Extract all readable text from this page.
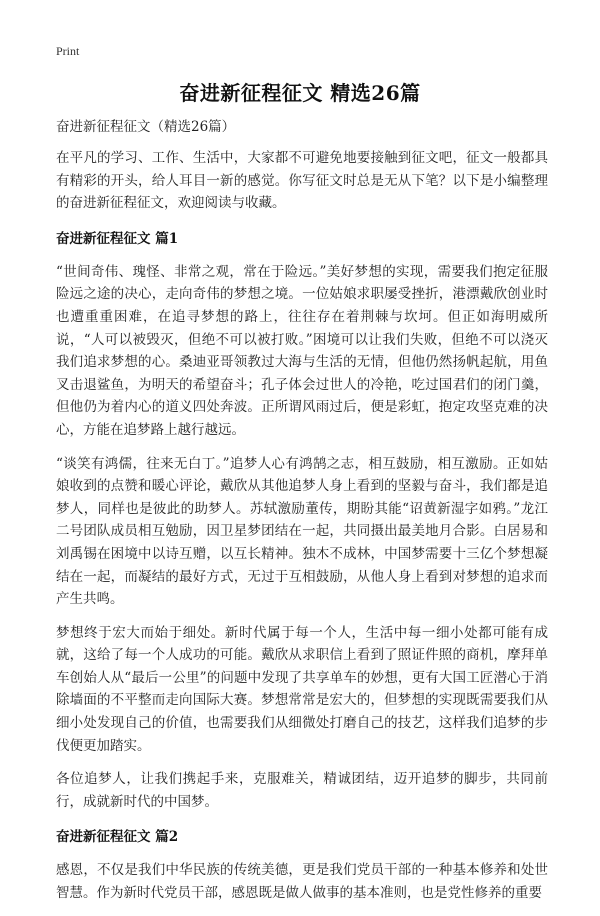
Print
奋进新征程征文 精选26篇
奋进新征程征文（精选26篇）

在平凡的学习、工作、生活中，大家都不可避免地要接触到征文吧，征文一般都具有精彩的开头，给人耳目一新的感觉。你写征文时总是无从下笔？以下是小编整理的奋进新征程征文，欢迎阅读与收藏。

奋进新征程征文 篇1

“世间奇伟、瑰怪、非常之观，常在于险远。”美好梦想的实现，需要我们抱定征服险远之途的决心，走向奇伟的梦想之境。一位姑娘求职屡受挫折，港漂戴欣创业时也遭重重困难，在追寻梦想的路上，往往存在着荆棘与坎坷。但正如海明威所说，“人可以被毁灭，但绝不可以被打败。”困境可以让我们失败，但绝不可以浇灭我们追求梦想的心。桑迪亚哥领教过大海与生活的无情，但他仍然扬帆起航，用鱼叉击退鲨鱼，为明天的希望奋斗；孔子体会过世人的冷艳，吃过国君们的闭门羹，但他仍为着内心的道义四处奔波。正所谓风雨过后，便是彩虹，抱定攻坚克难的决心，方能在追梦路上越行越远。

“谈笑有鸿儒，往来无白丁。”追梦人心有鸿鹄之志，相互鼓励，相互激励。正如姑娘收到的点赞和暖心评论，戴欣从其他追梦人身上看到的坚毅与奋斗，我们都是追梦人，同样也是彼此的助梦人。苏轼激励董传，期盼其能“诏黄新湿字如鸦。”龙江二号团队成员相互勉励，因卫星梦团结在一起，共同摄出最美地月合影。白居易和刘禹锡在困境中以诗互赠，以互长精神。独木不成林，中国梦需要十三亿个梦想凝结在一起，而凝结的最好方式，无过于互相鼓励，从他人身上看到对梦想的追求而产生共鸣。

梦想终于宏大而始于细处。新时代属于每一个人，生活中每一细小处都可能有成就，这给了每一个人成功的可能。戴欣从求职信上看到了照证件照的商机，摩拜单车创始人从“最后一公里”的问题中发现了共享单车的妙想，更有大国工匠潜心于消除墙面的不平整而走向国际大赛。梦想常常是宏大的，但梦想的实现既需要我们从细小处发现自己的价值，也需要我们从细微处打磨自己的技艺，这样我们追梦的步伐便更加踏实。

各位追梦人，让我们携起手来，克服难关，精诚团结，迈开追梦的脚步，共同前行，成就新时代的中国梦。

奋进新征程征文 篇2

感恩，不仅是我们中华民族的传统美德，更是我们党员干部的一种基本修养和处世智慧。作为新时代党员干部，感恩既是做人做事的基本准则，也是党性修养的重要
